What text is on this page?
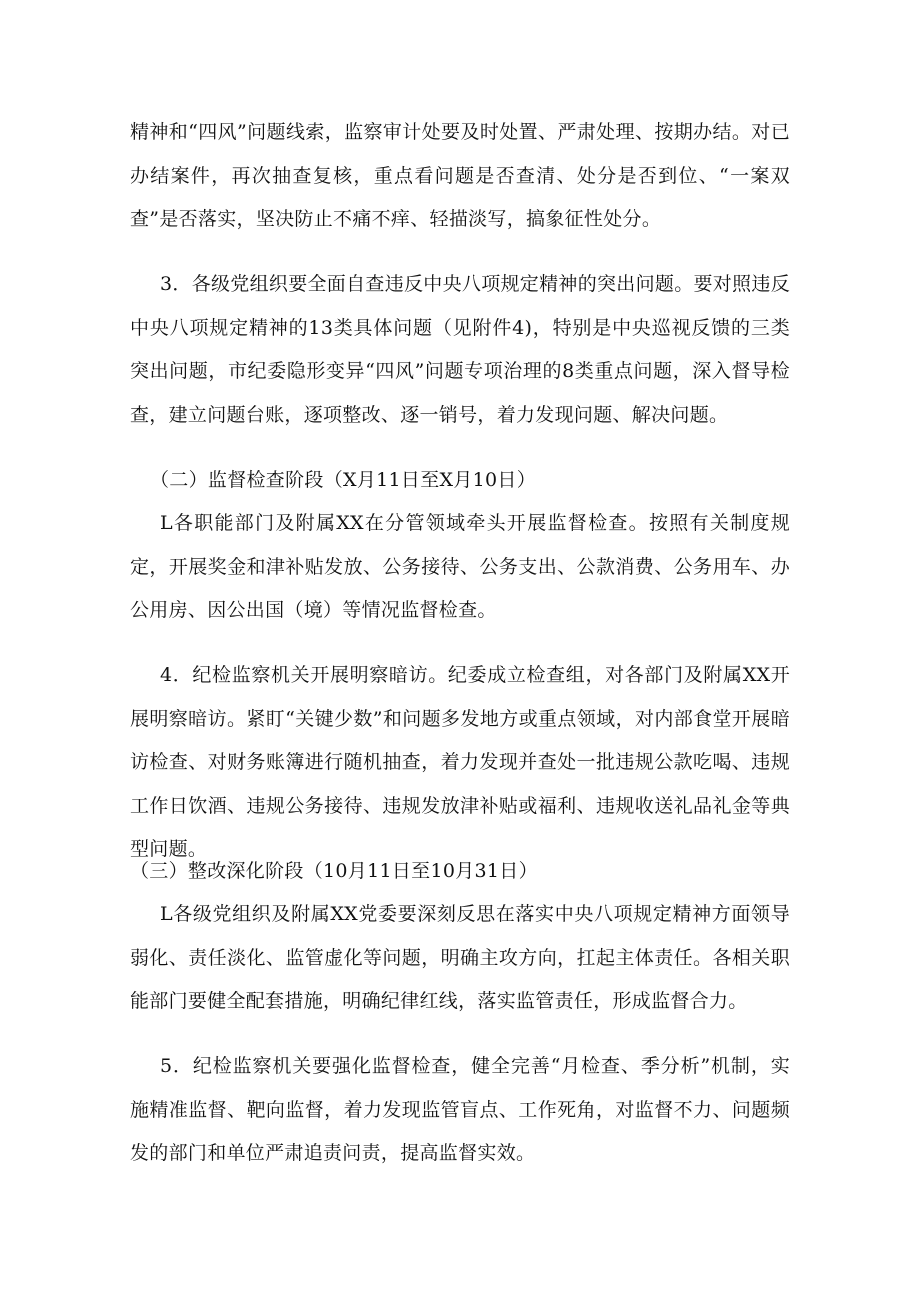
精神和“四风”问题线索，监察审计处要及时处置、严肃处理、按期办结。对已办结案件，再次抽查复核，重点看问题是否查清、处分是否到位、“一案双查”是否落实，坚决防止不痛不痒、轻描淡写，搞象征性处分。

3．各级党组织要全面自查违反中央八项规定精神的突出问题。要对照违反中央八项规定精神的13类具体问题（见附件4)，特别是中央巡视反馈的三类突出问题，市纪委隐形变异“四风”问题专项治理的8类重点问题，深入督导检查，建立问题台账，逐项整改、逐一销号，着力发现问题、解决问题。

（二）监督检查阶段（X月11日至X月10日）

L各职能部门及附属XX在分管领域牵头开展监督检查。按照有关制度规定，开展奖金和津补贴发放、公务接待、公务支出、公款消费、公务用车、办公用房、因公出国（境）等情况监督检查。

4．纪检监察机关开展明察暗访。纪委成立检查组，对各部门及附属XX开展明察暗访。紧盯“关键少数”和问题多发地方或重点领域，对内部食堂开展暗访检查、对财务账簿进行随机抽查，着力发现并查处一批违规公款吃喝、违规工作日饮酒、违规公务接待、违规发放津补贴或福利、违规收送礼品礼金等典型问题。

（三）整改深化阶段（10月11日至10月31日）

L各级党组织及附属XX党委要深刻反思在落实中央八项规定精神方面领导弱化、责任淡化、监管虚化等问题，明确主攻方向，扛起主体责任。各相关职能部门要健全配套措施，明确纪律红线，落实监管责任，形成监督合力。

5．纪检监察机关要强化监督检查，健全完善“月检查、季分析”机制，实施精准监督、靶向监督，着力发现监管盲点、工作死角，对监督不力、问题频发的部门和单位严肃追责问责，提高监督实效。
